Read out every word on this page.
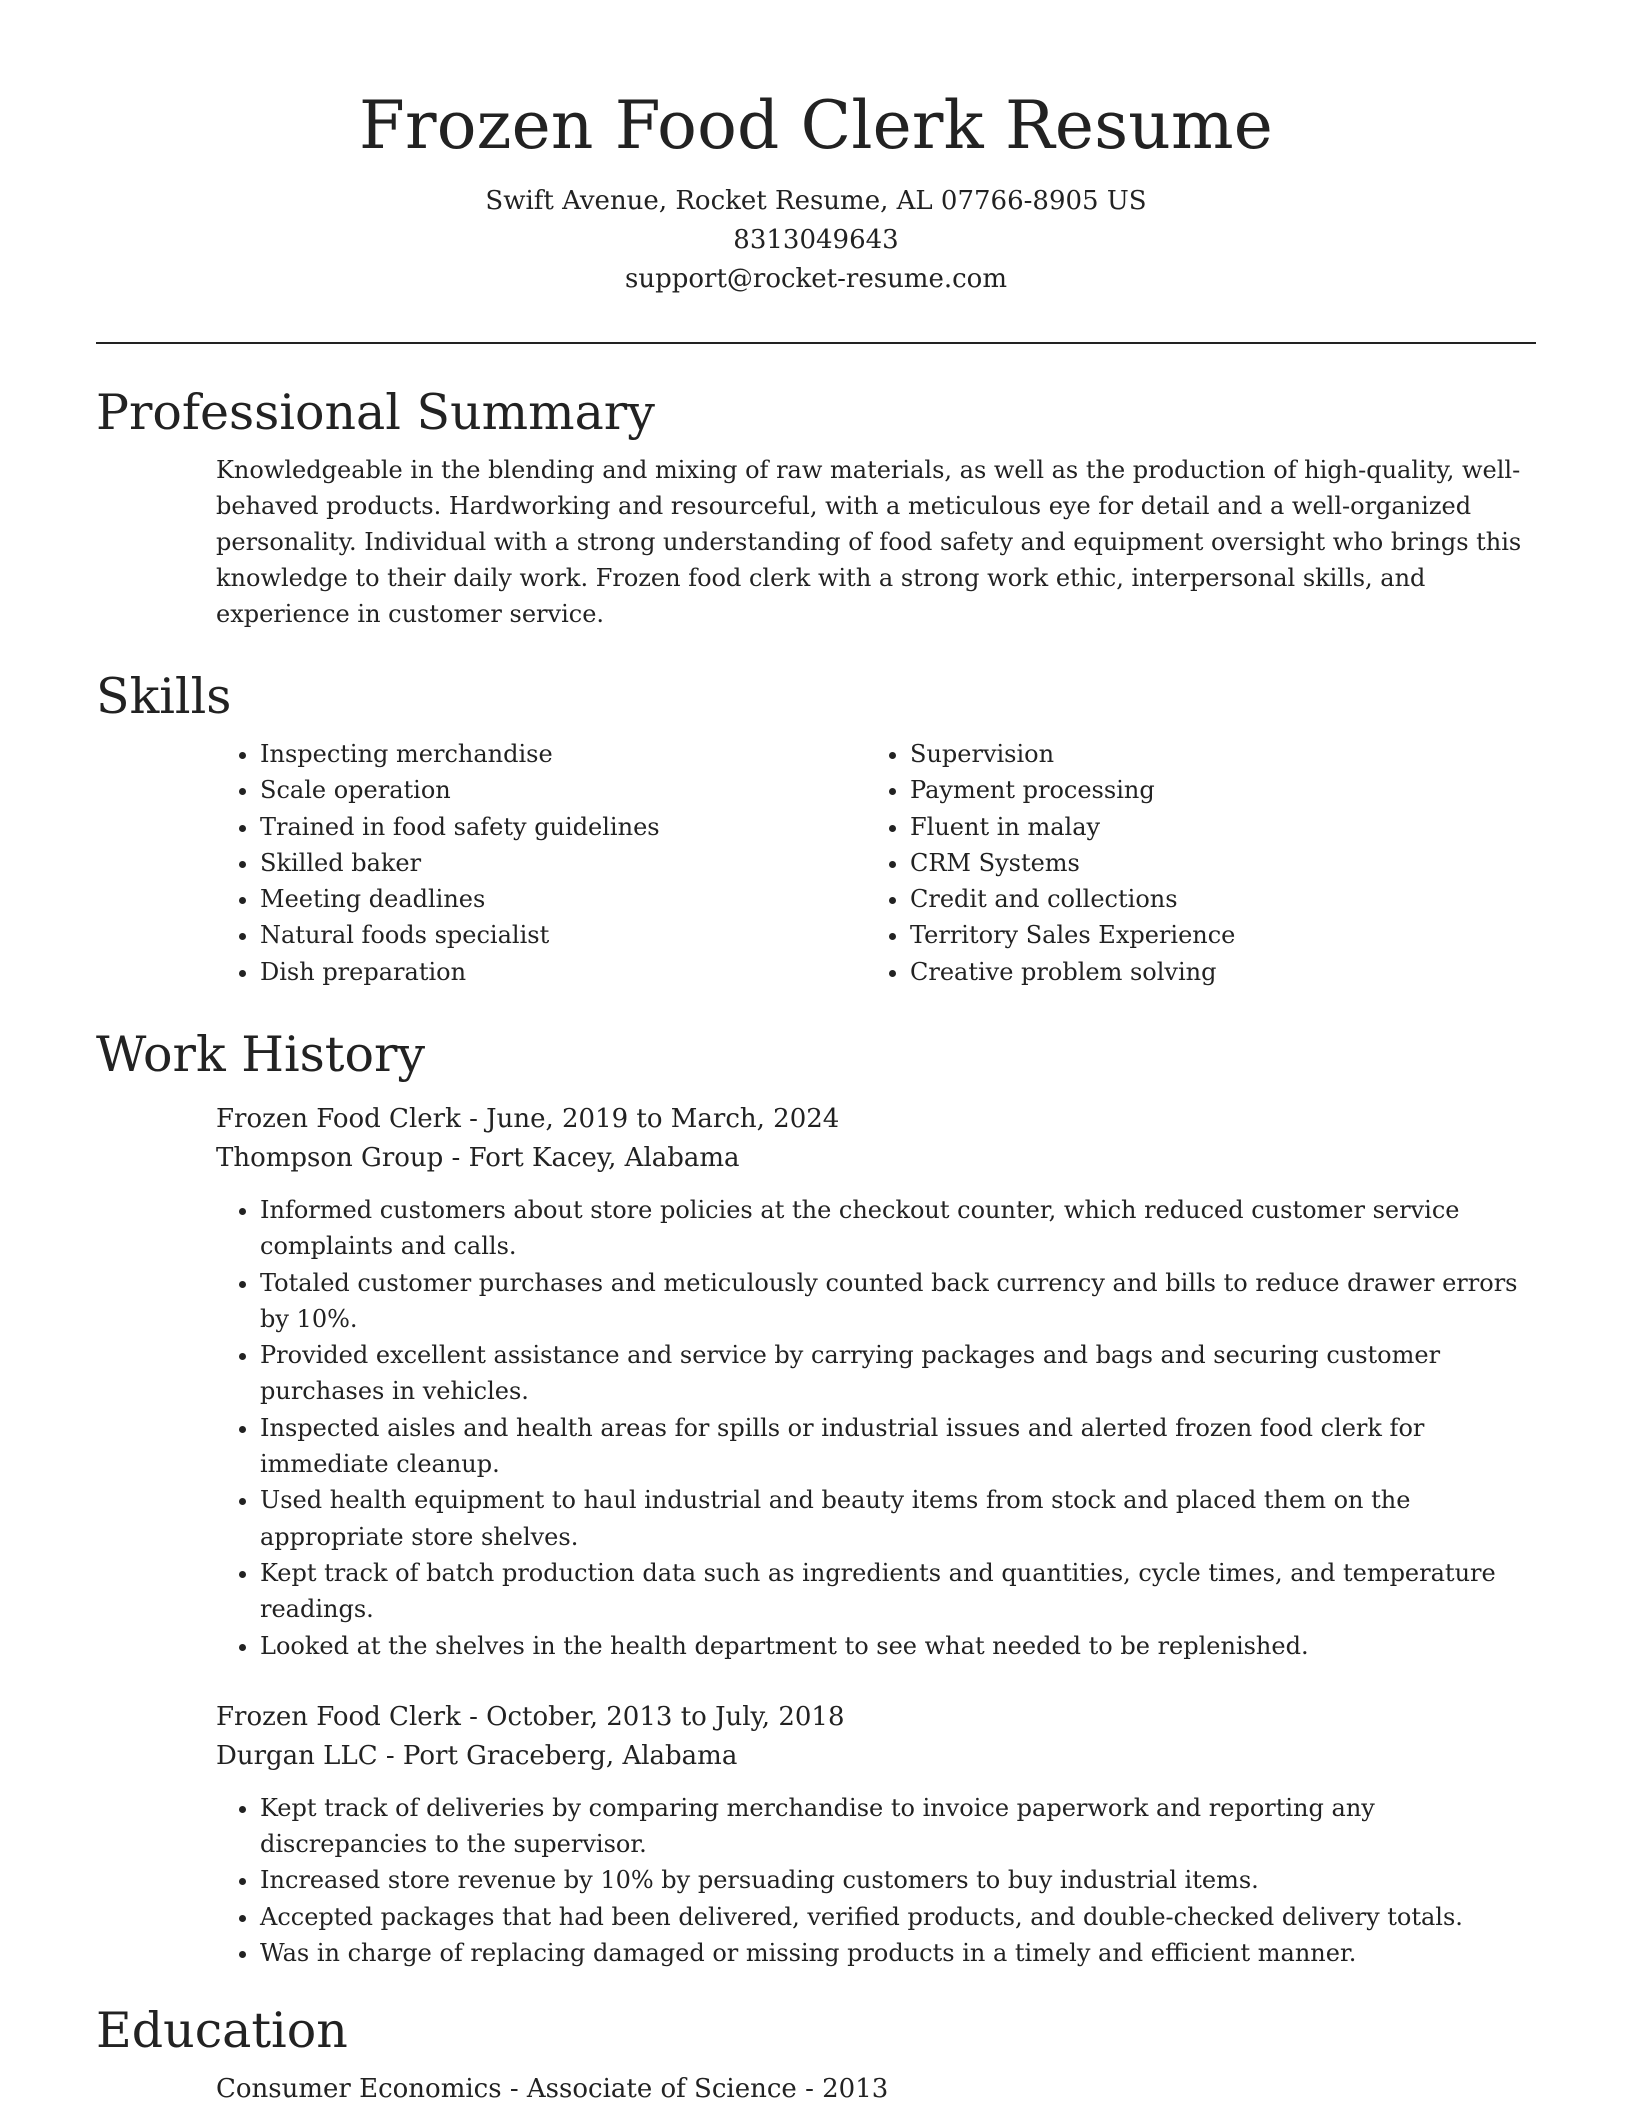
Frozen Food Clerk Resume
Swift Avenue, Rocket Resume, AL 07766-8905 US
8313049643
support@rocket-resume.com
Professional Summary

Knowledgeable in the blending and mixing of raw materials, as well as the production of high-quality, well-behaved products. Hardworking and resourceful, with a meticulous eye for detail and a well-organized personality. Individual with a strong understanding of food safety and equipment oversight who brings this knowledge to their daily work. Frozen food clerk with a strong work ethic, interpersonal skills, and experience in customer service.

Skills
• Inspecting merchandise
• Scale operation
• Trained in food safety guidelines
• Skilled baker
• Meeting deadlines
• Natural foods specialist
• Dish preparation
• Supervision
• Payment processing
• Fluent in malay
• CRM Systems
• Credit and collections
• Territory Sales Experience
• Creative problem solving
Work History

Frozen Food Clerk - June, 2019 to March, 2024

Thompson Group - Fort Kacey, Alabama

• Informed customers about store policies at the checkout counter, which reduced customer service complaints and calls.
• Totaled customer purchases and meticulously counted back currency and bills to reduce drawer errors by 10%.
• Provided excellent assistance and service by carrying packages and bags and securing customer purchases in vehicles.
• Inspected aisles and health areas for spills or industrial issues and alerted frozen food clerk for immediate cleanup.
• Used health equipment to haul industrial and beauty items from stock and placed them on the appropriate store shelves.
• Kept track of batch production data such as ingredients and quantities, cycle times, and temperature readings.
• Looked at the shelves in the health department to see what needed to be replenished.

Frozen Food Clerk - October, 2013 to July, 2018

Durgan LLC - Port Graceberg, Alabama

• Kept track of deliveries by comparing merchandise to invoice paperwork and reporting any discrepancies to the supervisor.
• Increased store revenue by 10% by persuading customers to buy industrial items.
• Accepted packages that had been delivered, verified products, and double-checked delivery totals.
• Was in charge of replacing damaged or missing products in a timely and efficient manner.
Education

Consumer Economics - Associate of Science - 2013
